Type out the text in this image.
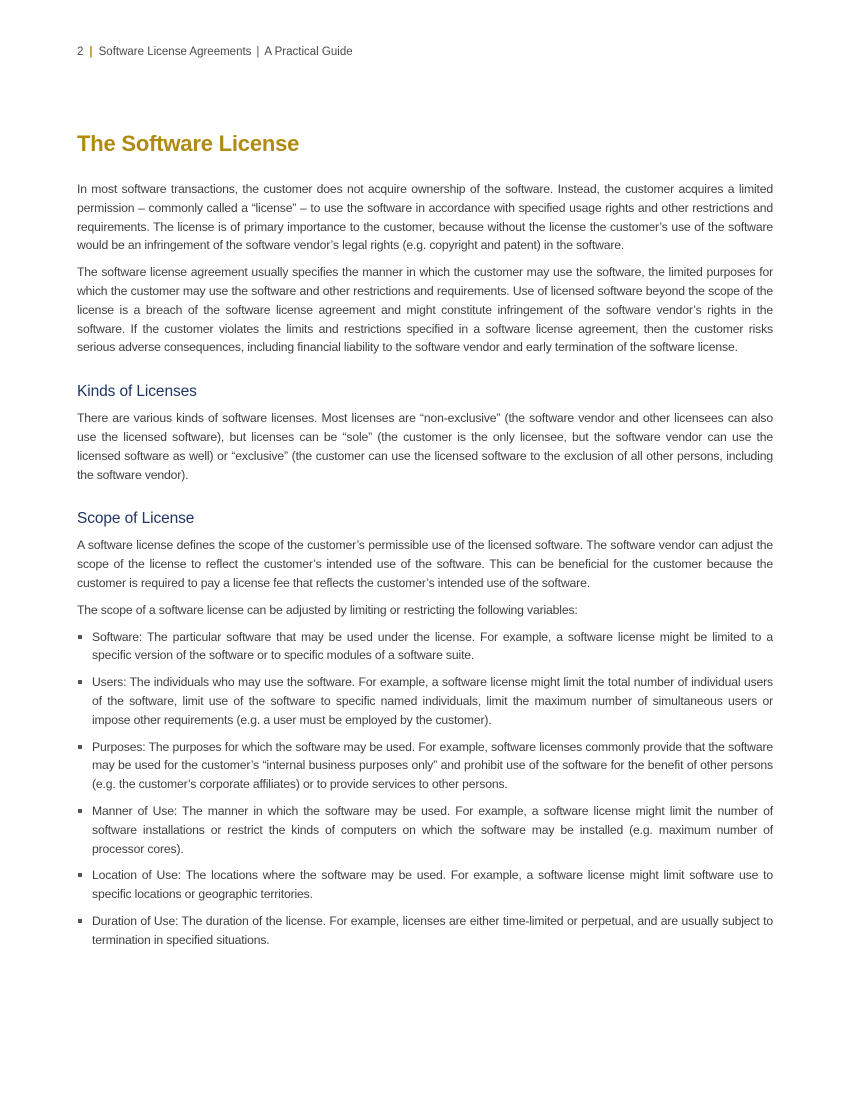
2 | Software License Agreements | A Practical Guide
The Software License

In most software transactions, the customer does not acquire ownership of the software. Instead, the customer acquires a limited permission – commonly called a “license” – to use the software in accordance with specified usage rights and other restrictions and requirements. The license is of primary importance to the customer, because without the license the customer’s use of the software would be an infringement of the software vendor’s legal rights (e.g. copyright and patent) in the software.

The software license agreement usually specifies the manner in which the customer may use the software, the limited purposes for which the customer may use the software and other restrictions and requirements. Use of licensed software beyond the scope of the license is a breach of the software license agreement and might constitute infringement of the software vendor’s rights in the software. If the customer violates the limits and restrictions specified in a software license agreement, then the customer risks serious adverse consequences, including financial liability to the software vendor and early termination of the software license.

Kinds of Licenses

There are various kinds of software licenses. Most licenses are “non-exclusive” (the software vendor and other licensees can also use the licensed software), but licenses can be “sole” (the customer is the only licensee, but the software vendor can use the licensed software as well) or “exclusive” (the customer can use the licensed software to the exclusion of all other persons, including the software vendor).

Scope of License

A software license defines the scope of the customer’s permissible use of the licensed software. The software vendor can adjust the scope of the license to reflect the customer’s intended use of the software. This can be beneficial for the customer because the customer is required to pay a license fee that reflects the customer’s intended use of the software.

The scope of a software license can be adjusted by limiting or restricting the following variables:

Software: The particular software that may be used under the license. For example, a software license might be limited to a specific version of the software or to specific modules of a software suite.
Users: The individuals who may use the software. For example, a software license might limit the total number of individual users of the software, limit use of the software to specific named individuals, limit the maximum number of simultaneous users or impose other requirements (e.g. a user must be employed by the customer).
Purposes: The purposes for which the software may be used. For example, software licenses commonly provide that the software may be used for the customer’s “internal business purposes only” and prohibit use of the software for the benefit of other persons (e.g. the customer’s corporate affiliates) or to provide services to other persons.
Manner of Use: The manner in which the software may be used. For example, a software license might limit the number of software installations or restrict the kinds of computers on which the software may be installed (e.g. maximum number of processor cores).
Location of Use: The locations where the software may be used. For example, a software license might limit software use to specific locations or geographic territories.
Duration of Use: The duration of the license. For example, licenses are either time-limited or perpetual, and are usually subject to termination in specified situations.
